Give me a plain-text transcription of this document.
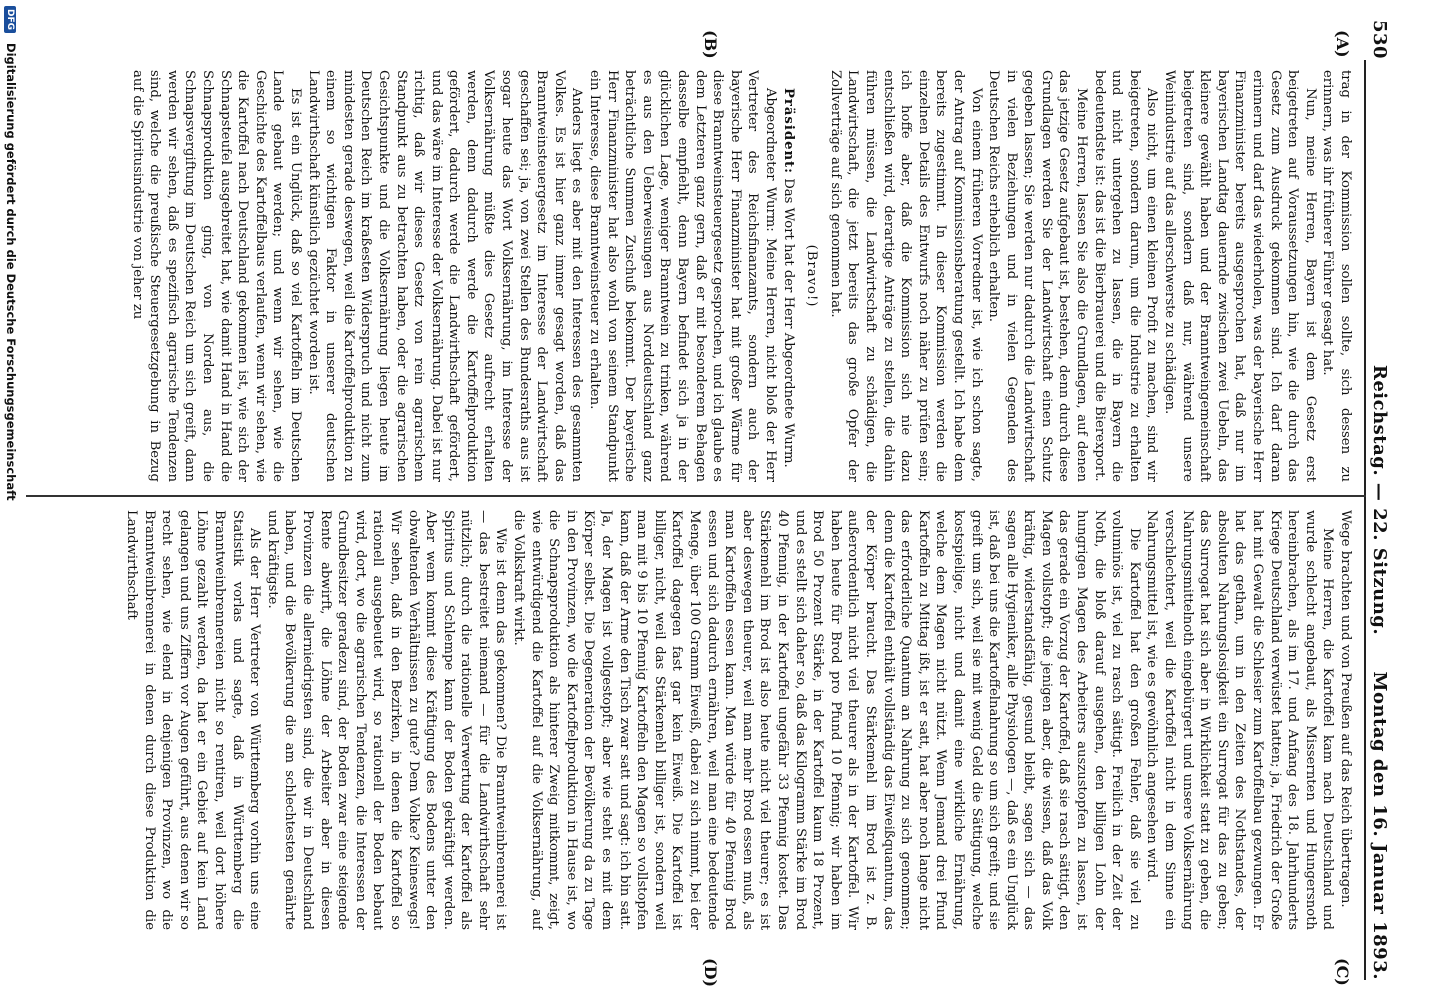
530
Reichstag. — 22. Sitzung.
Montag den 16. Januar 1893.
(A)
(B)
(C)
(D)

trag in der Kommission sollen sollte, sich dessen zu erinnern, was ihr früherer Führer gesagt hat.

Nun, meine Herren, Bayern ist dem Gesetz erst beigetreten auf Voraussetzungen hin, wie die durch das Gesetz zum Ausdruck gekommen sind. Ich darf daran erinnern und darf das wiederholen, was der bayerische Herr Finanzminister bereits ausgesprochen hat, daß nur im bayerischen Landtag dauernde zwischen zwei Uebeln, das kleinere gewählt haben und der Branntweingemeinschaft beigetreten sind, sondern daß nur, während unsere Weinindustrie auf das allerschwerste zu schädigen.

Also nicht, um einen kleinen Profit zu machen, sind wir beigetreten, sondern darum, um die Industrie zu erhalten und nicht untergehen zu lassen, die in Bayern die bedeutendste ist: das ist die Bierbrauerei und die Bierexport.

Meine Herren, lassen Sie also die Grundlagen, auf denen das jetzige Gesetz aufgebaut ist, bestehen, denn durch diese Grundlagen werden Sie der Landwirtschaft einen Schutz gegeben lassen; Sie werden nur dadurch die Landwirtschaft in vielen Beziehungen und in vielen Gegenden des Deutschen Reichs erheblich erhalten.

Von einem früheren Vorredner ist, wie ich schon sagte, der Antrag auf Kommissionsberatung gestellt. Ich habe dem bereits zugestimmt. In dieser Kommission werden die einzelnen Details des Entwurfs noch näher zu prüfen sein; ich hoffe aber, daß die Kommission sich nie dazu entschließen wird, derartige Anträge zu stellen, die dahin führen müssen, die Landwirtschaft zu schädigen, die Landwirtschaft, die jetzt bereits das große Opfer der Zollverträge auf sich genommen hat.

(Bravo!)

Präsident: Das Wort hat der Herr Abgeordnete Wurm.

Abgeordneter Wurm: Meine Herren, nicht bloß der Herr Vertreter des Reichsfinanzamts, sondern auch der bayerische Herr Finanzminister hat mit großer Wärme für diese Branntweinsteuergesetz gesprochen, und ich glaube es dem Letzteren ganz gern, daß er mit besonderem Behagen dasselbe empfiehlt, denn Bayern befindet sich ja in der glücklichen Lage, weniger Branntwein zu trinken, während es aus den Ueberweisungen aus Norddeutschland ganz beträchtliche Summen Zuschuß bekommt. Der bayerische Herr Finanzminister hat also wohl von seinem Standpunkt ein Interesse, diese Branntweinsteuer zu erhalten.

Anders liegt es aber mit den Interessen des gesammten Volkes. Es ist hier ganz immer gesagt worden, daß das Branntweinsteuergesetz im Interesse der Landwirtschaft geschaffen sei; ja, von zwei Stellen des Bundesraths aus ist sogar heute das Wort Volksernährung, im Interesse der Volksernährung müßte dies Gesetz aufrecht erhalten werden, denn dadurch werde die Kartoffelproduktion gefördert, dadurch werde die Landwirthschaft gefördert, und das wäre im Interesse der Volksernährung. Dabei ist nur richtig, daß wir dieses Gesetz von rein agrarischem Standpunkt aus zu betrachten haben, oder die agrarischen Gesichtspunkte und die Volksernährung liegen heute im Deutschen Reich im kraßesten Widerspruch und nicht zum mindesten gerade deswegen, weil die Kartoffelproduktion zu einem so wichtigen Faktor in unserer deutschen Landwirthschaft künstlich gezüchtet worden ist.

Es ist ein Unglück, daß so viel Kartoffeln im Deutschen Lande gebaut werden; und wenn wir sehen, wie die Geschichte des Kartoffelbaus verlaufen, wenn wir sehen, wie die Kartoffel nach Deutschland gekommen ist, wie sich der Schnapsteufel ausgebreitet hat, wie damit Hand in Hand die Schnapsproduktion ging, von Norden aus, die Schnapsvergiftung im Deutschen Reich um sich greift, dann werden wir sehen, daß es spezifisch agrarische Tendenzen sind, welche die preußische Steuergesetzgebung in Bezug auf die Spiritusindustrie von jeher zu

Wege brachten und von Preußen auf das Reich übertragen.

Meine Herren, die Kartoffel kam nach Deutschland und wurde schlecht angebaut, als Missernten und Hungersnoth hereinbrachen, als im 17. und Anfang des 18. Jahrhunderts Kriege Deutschland verwüstet hatten; ja, Friedrich der Große hat mit Gewalt die Schlesier zum Kartoffelbau gezwungen. Er hat das gethan, um in den Zeiten des Nothstandes, der absoluten Nahrungslosigkeit ein Surrogat für das zu geben; das Surrogat hat sich aber in Wirklichkeit statt zu geben, die Nahrungsmittelnoth eingebürgert und unsere Volksernährung verschlechtert, weil die Kartoffel nicht in dem Sinne ein Nahrungsmittel ist, wie es gewöhnlich angesehen wird.

Die Kartoffel hat den großen Fehler, daß sie viel zu voluminös ist, viel zu rasch sättigt. Freilich in der Zeit der Noth, die bloß darauf ausgehen, den billigen Lohn der hungrigen Magen des Arbeiters auszustopfen zu lassen, ist das gerade ein Vorzug der Kartoffel, daß sie rasch sättigt, den Magen vollstopft; die jenigen aber, die wissen, daß das Volk kräftig, widerstandsfähig, gesund bleibt, sagen sich — das sagen alle Hygieniker, alle Physiologen —, daß es ein Unglück ist, daß bei uns die Kartoffelnahrung so um sich greift; und sie greift um sich, weil sie mit wenig Geld die Sättigung, welche kostspielige, nicht und damit eine wirkliche Ernährung, welche dem Magen nicht nützt. Wenn Jemand drei Pfund Kartoffeln zu Mittag ißt, ist er satt, hat aber noch lange nicht das erforderliche Quantum an Nahrung zu sich genommen; denn die Kartoffel enthält vollständig das Eiweißquantum, das der Körper braucht. Das Stärkemehl im Brod ist z. B. außerordentlich nicht viel theurer als in der Kartoffel. Wir haben heute für Brod pro Pfund 10 Pfennig; wir haben im Brod 50 Prozent Stärke, in der Kartoffel kaum 18 Prozent, und es stellt sich daher so, daß das Kilogramm Stärke im Brod 40 Pfennig, in der Kartoffel ungefähr 33 Pfennig kostet. Das Stärkemehl im Brod ist also heute nicht viel theurer; es ist aber deswegen theurer, weil man mehr Brod essen muß, als man Kartoffeln essen kann. Man würde für 40 Pfennig Brod essen und sich dadurch ernähren, weil man eine bedeutende Menge, über 100 Gramm Eiweiß, dabei zu sich nimmt, bei der Kartoffel dagegen fast gar kein Eiweiß. Die Kartoffel ist billiger, nicht, weil das Stärkemehl billiger ist, sondern weil man mit 9 bis 10 Pfennig Kartoffeln den Magen so vollstopfen kann, daß der Arme den Tisch zwar satt und sagt: ich bin satt. Ja, der Magen ist vollgestopft; aber wie steht es mit dem Körper selbst. Die Degeneration der Bevölkerung da zu Tage in den Provinzen, wo die Kartoffelproduktion in Hause ist, wo die Schnapsproduktion als hinterer Zweig mitkommt, zeigt, wie entwürdigend die Kartoffel auf die Volksernährung, auf die Volkskraft wirkt.

Wie ist denn das gekommen? Die Branntweinbrennerei ist — das bestreitet niemand — für die Landwirthschaft sehr nützlich; durch die rationelle Verwertung der Kartoffel als Spiritus und Schlempe kann der Boden gekräftigt werden. Aber wem kommt diese Kräftigung des Bodens unter den obwaltenden Verhältnissen zu gute? Dem Volke? Keineswegs! Wir sehen, daß in den Bezirken, in denen die Kartoffel so rationell ausgebeutet wird, so rationell der Boden bebaut wird, dort, wo die agrarischen Tendenzen, die Interessen der Grundbesitzer geradezu sind, der Boden zwar eine steigende Rente abwirft, die Löhne der Arbeiter aber in diesen Provinzen die allerniedrigsten sind, die wir in Deutschland haben, und die Bevölkerung die am schlechtesten genährte und kräftigste.

Als der Herr Vertreter von Württemberg vorhin uns eine Statistik vorlas und sagte, daß in Württemberg die Branntweinbrennereien nicht so rentiren, weil dort höhere Löhne gezahlt werden, da hat er ein Gebiet auf kein Land gelangen und uns Ziffern vor Augen geführt, aus denen wir so recht sehen, wie elend in denjenigen Provinzen, wo die Branntweinbrennerei in denen durch diese Produktion die Landwirthschaft

DFG Digitalisierung gefördert durch die Deutsche Forschungsgemeinschaft
